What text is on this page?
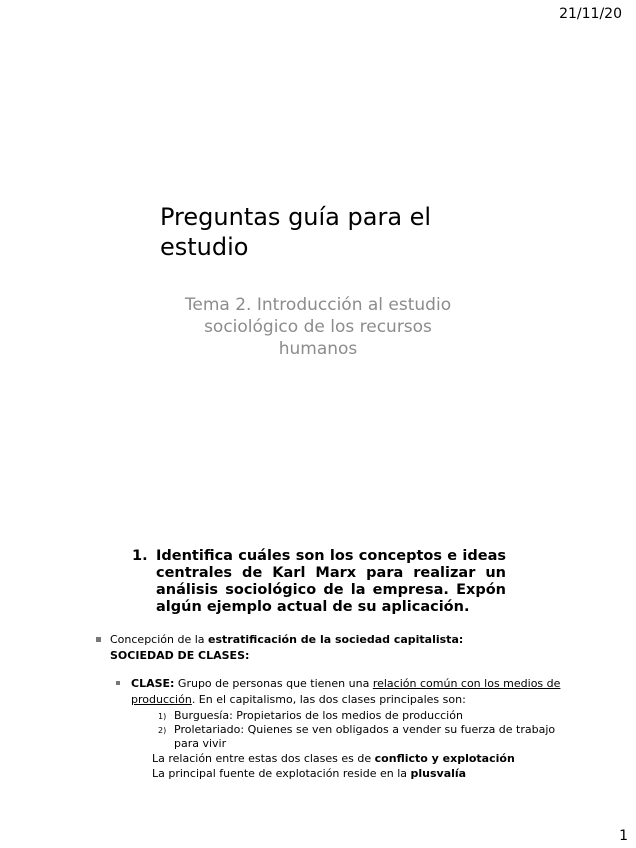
21/11/20
Preguntas guía para el estudio
Tema 2. Introducción al estudio sociológico de los recursos humanos
1. Identifica cuáles son los conceptos e ideas centrales de Karl Marx para realizar un análisis sociológico de la empresa. Expón algún ejemplo actual de su aplicación.
Concepción de la estratificación de la sociedad capitalista:
SOCIEDAD DE CLASES:
CLASE: Grupo de personas que tienen una relación común con los medios de producción. En el capitalismo, las dos clases principales son:
1) Burguesía: Propietarios de los medios de producción
2) Proletariado: Quienes se ven obligados a vender su fuerza de trabajo para vivir
La relación entre estas dos clases es de conflicto y explotación
La principal fuente de explotación reside en la plusvalía
1
